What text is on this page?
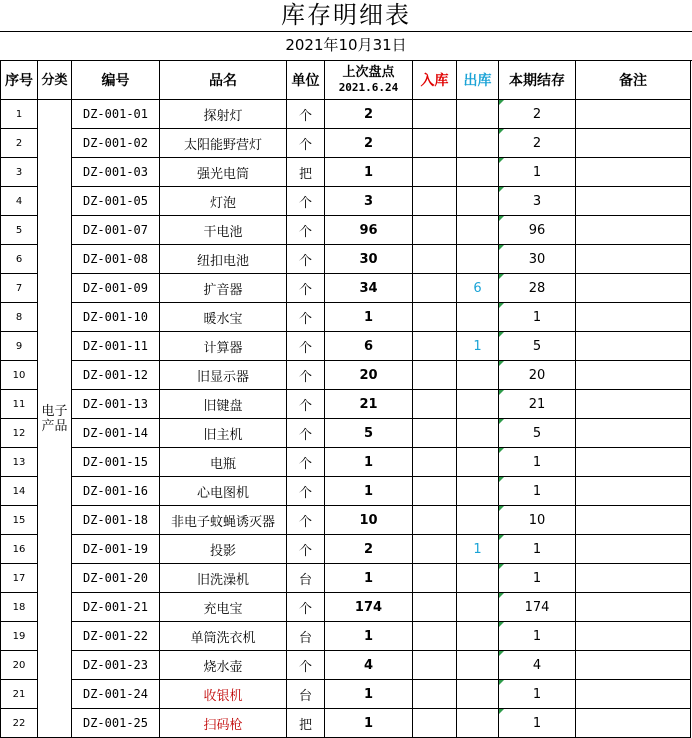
库存明细表
2021年10月31日
序号	分类	编号	品名	单位	上次盘点
2021.6.24	入库	出库	本期结存	备注
1	电子产品	DZ-001-01	探射灯	个	2			2	
2		DZ-001-02	太阳能野营灯	个	2			2	
3		DZ-001-03	强光电筒	把	1			1	
4		DZ-001-05	灯泡	个	3			3	
5		DZ-001-07	干电池	个	96			96	
6		DZ-001-08	纽扣电池	个	30			30	
7		DZ-001-09	扩音器	个	34		6	28	
8		DZ-001-10	暖水宝	个	1			1	
9		DZ-001-11	计算器	个	6		1	5	
10		DZ-001-12	旧显示器	个	20			20	
11		DZ-001-13	旧键盘	个	21			21	
12		DZ-001-14	旧主机	个	5			5	
13		DZ-001-15	电瓶	个	1			1	
14		DZ-001-16	心电图机	个	1			1	
15		DZ-001-18	非电子蚊蝇诱灭器	个	10			10	
16		DZ-001-19	投影	个	2		1	1	
17		DZ-001-20	旧洗澡机	台	1			1	
18		DZ-001-21	充电宝	个	174			174	
19		DZ-001-22	单筒洗衣机	台	1			1	
20		DZ-001-23	烧水壶	个	4			4	
21		DZ-001-24	收银机	台	1			1	
22		DZ-001-25	扫码枪	把	1			1	
